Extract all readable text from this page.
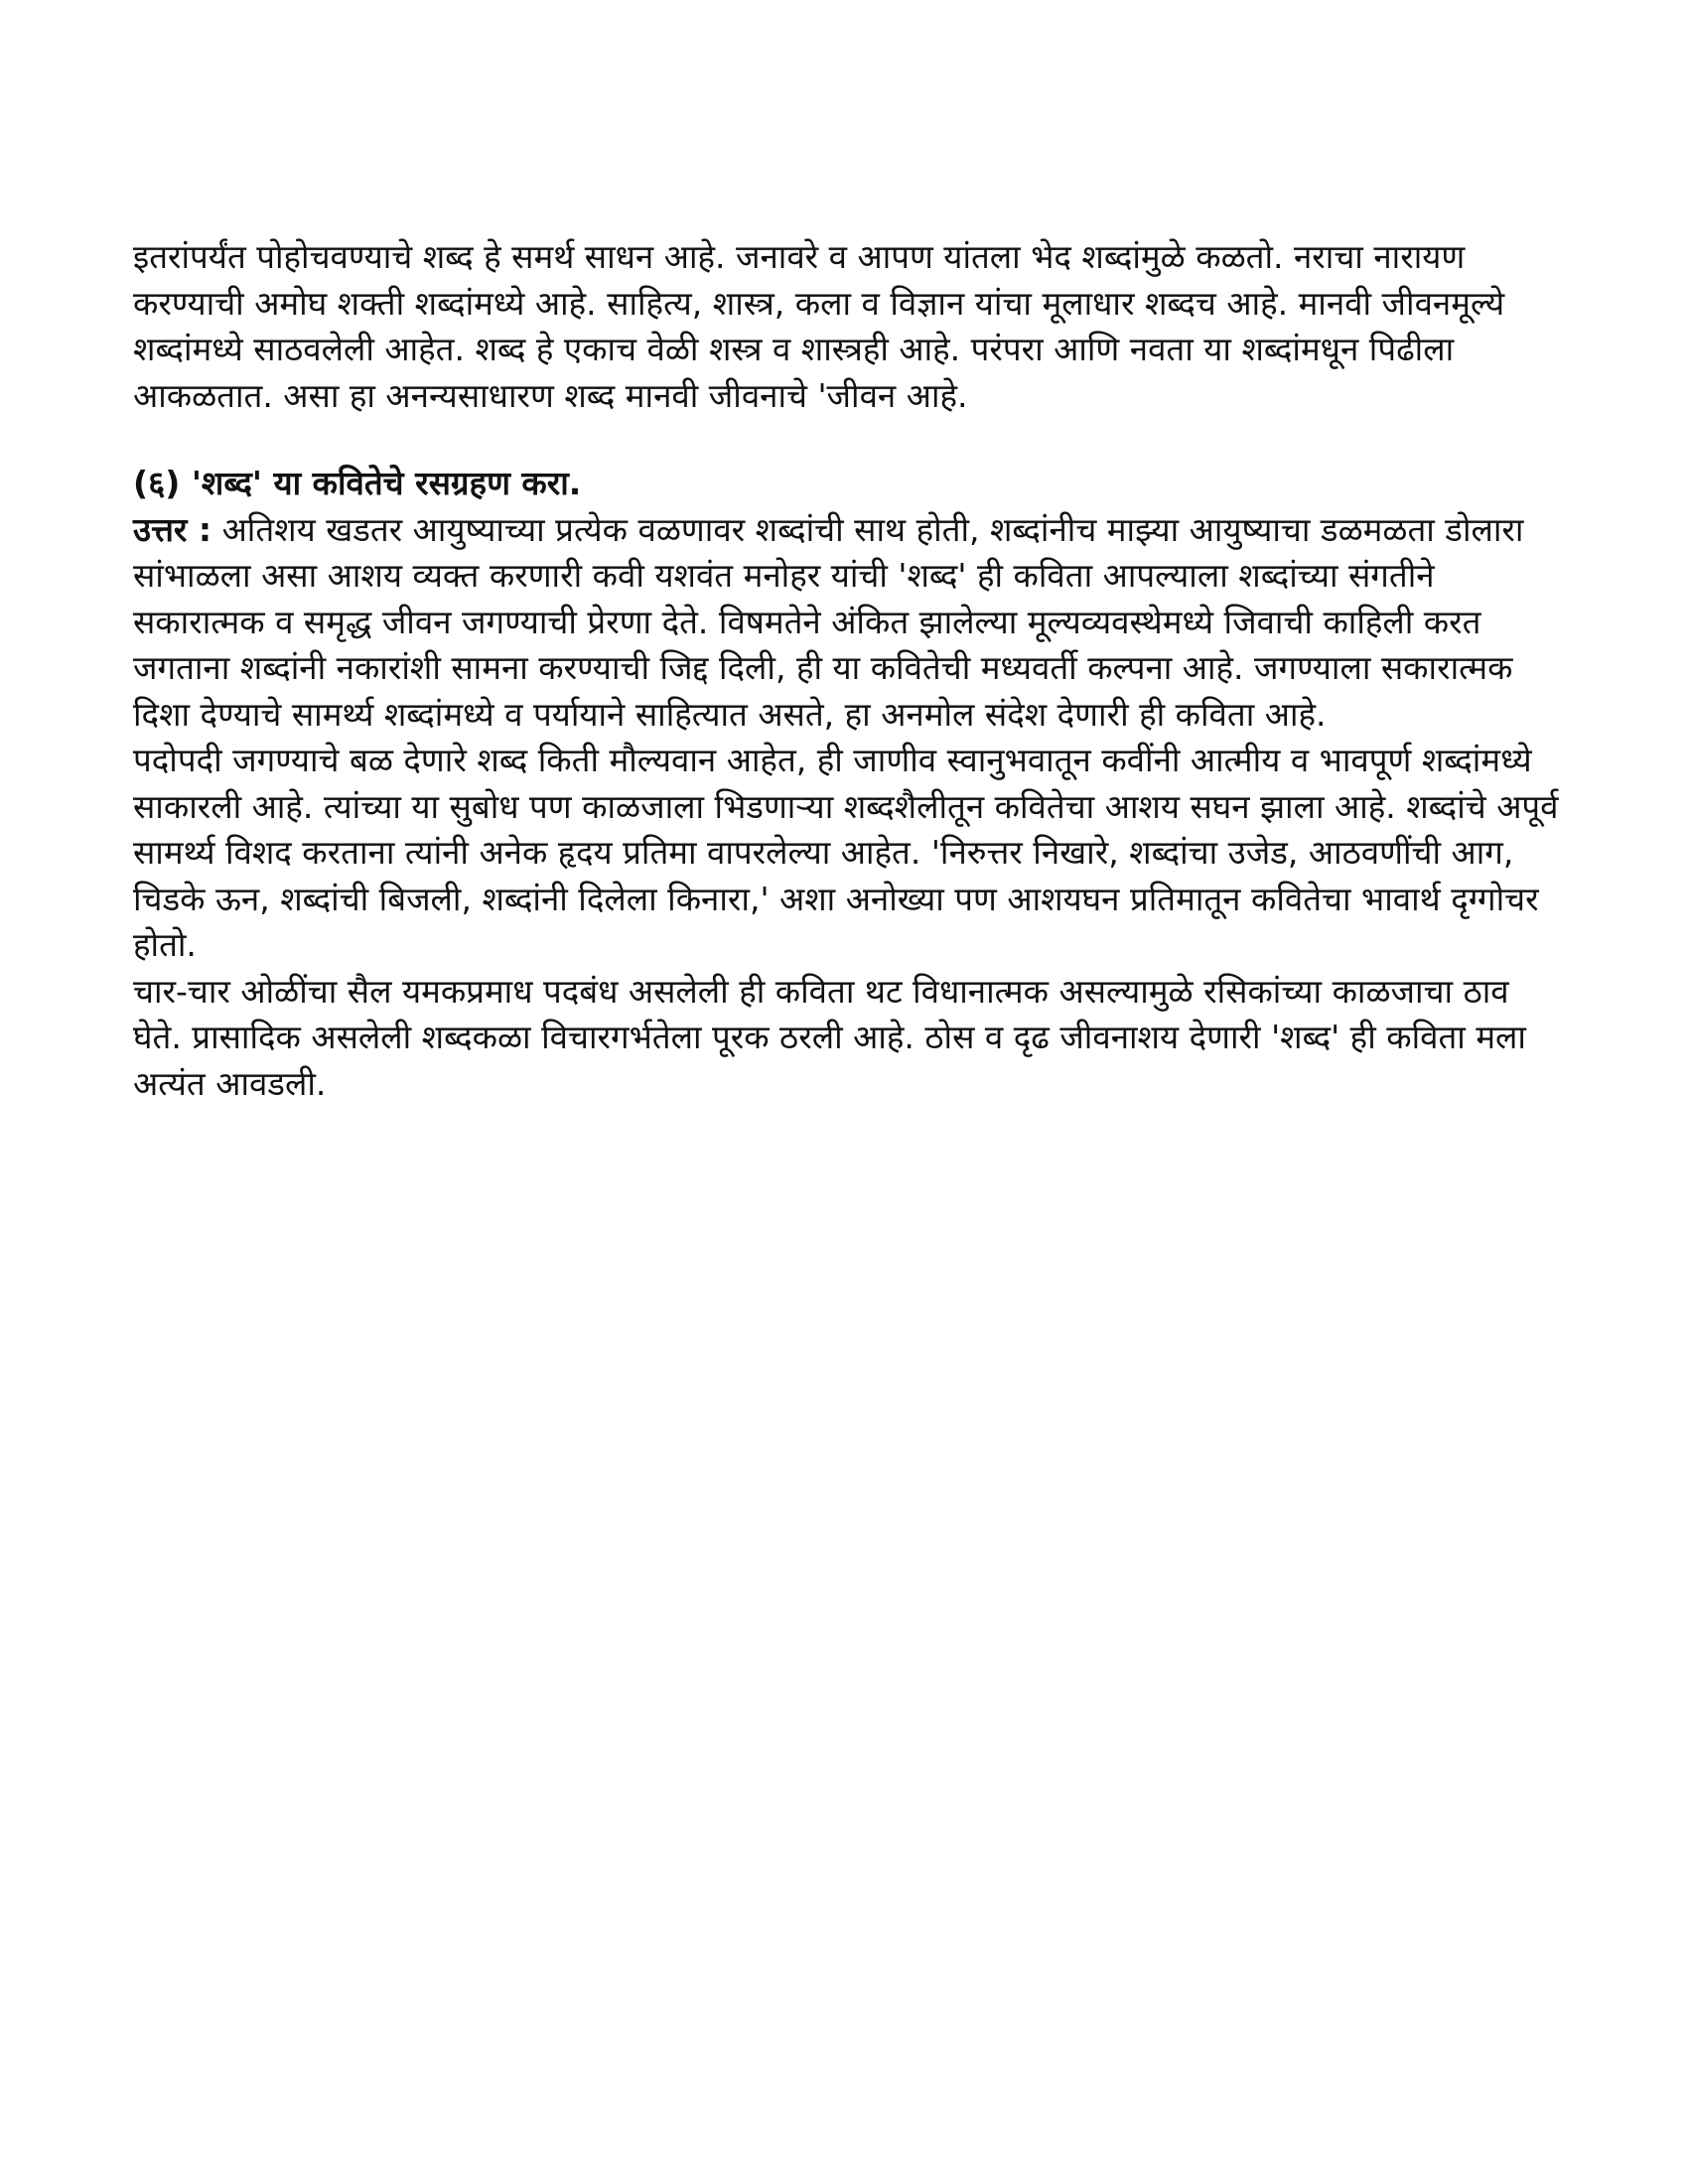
इतरांपर्यंत पोहोचवण्याचे शब्द हे समर्थ साधन आहे. जनावरे व आपण यांतला भेद शब्दांमुळे कळतो. नराचा नारायण करण्याची अमोघ शक्ती शब्दांमध्ये आहे. साहित्य, शास्त्र, कला व विज्ञान यांचा मूलाधार शब्दच आहे. मानवी जीवनमूल्ये शब्दांमध्ये साठवलेली आहेत. शब्द हे एकाच वेळी शस्त्र व शास्त्रही आहे. परंपरा आणि नवता या शब्दांमधून पिढीला आकळतात. असा हा अनन्यसाधारण शब्द मानवी जीवनाचे 'जीवन आहे.

(६) 'शब्द' या कवितेचे रसग्रहण करा.

उत्तर : अतिशय खडतर आयुष्याच्या प्रत्येक वळणावर शब्दांची साथ होती, शब्दांनीच माझ्या आयुष्याचा डळमळता डोलारा सांभाळला असा आशय व्यक्त करणारी कवी यशवंत मनोहर यांची 'शब्द' ही कविता आपल्याला शब्दांच्या संगतीने सकारात्मक व समृद्ध जीवन जगण्याची प्रेरणा देते. विषमतेने अंकित झालेल्या मूल्यव्यवस्थेमध्ये जिवाची काहिली करत जगताना शब्दांनी नकारांशी सामना करण्याची जिद्द दिली, ही या कवितेची मध्यवर्ती कल्पना आहे. जगण्याला सकारात्मक दिशा देण्याचे सामर्थ्य शब्दांमध्ये व पर्यायाने साहित्यात असते, हा अनमोल संदेश देणारी ही कविता आहे.

पदोपदी जगण्याचे बळ देणारे शब्द किती मौल्यवान आहेत, ही जाणीव स्वानुभवातून कवींनी आत्मीय व भावपूर्ण शब्दांमध्ये साकारली आहे. त्यांच्या या सुबोध पण काळजाला भिडणाऱ्या शब्दशैलीतून कवितेचा आशय सघन झाला आहे. शब्दांचे अपूर्व सामर्थ्य विशद करताना त्यांनी अनेक हृदय प्रतिमा वापरलेल्या आहेत. 'निरुत्तर निखारे, शब्दांचा उजेड, आठवणींची आग, चिडके ऊन, शब्दांची बिजली, शब्दांनी दिलेला किनारा,' अशा अनोख्या पण आशयघन प्रतिमातून कवितेचा भावार्थ दृग्गोचर होतो.

चार-चार ओळींचा सैल यमकप्रमाध पदबंध असलेली ही कविता थट विधानात्मक असल्यामुळे रसिकांच्या काळजाचा ठाव घेते. प्रासादिक असलेली शब्दकळा विचारगर्भतेला पूरक ठरली आहे. ठोस व दृढ जीवनाशय देणारी 'शब्द' ही कविता मला अत्यंत आवडली.
